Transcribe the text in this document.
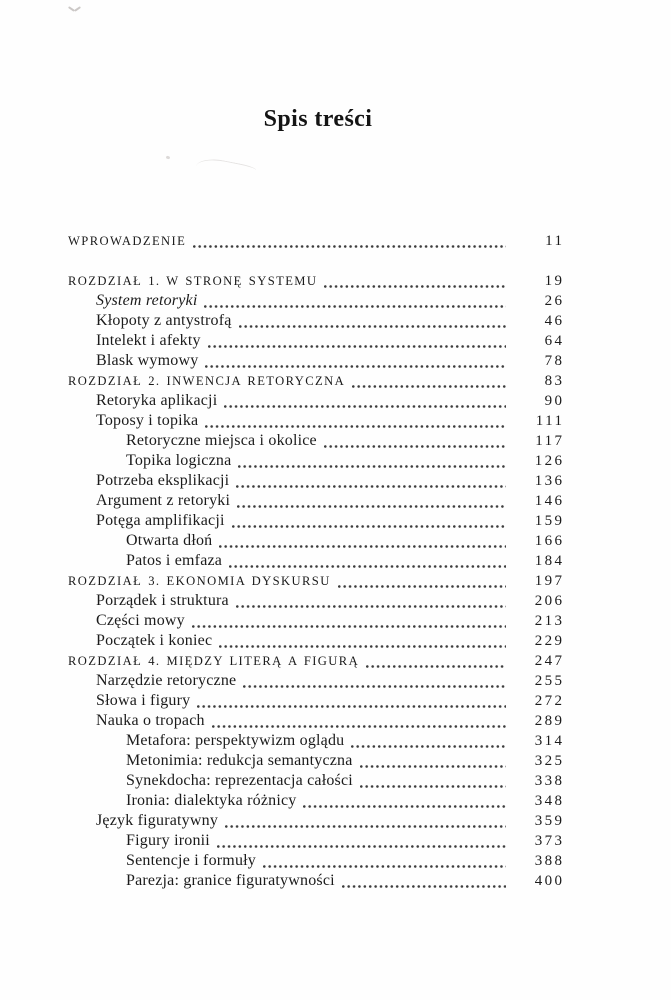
Spis treści
WPROWADZENIE	11
ROZDZIAŁ 1. W STRONĘ SYSTEMU	19
System retoryki	26
Kłopoty z antystrofą	46
Intelekt i afekty	64
Blask wymowy	78
ROZDZIAŁ 2. INWENCJA RETORYCZNA	83
Retoryka aplikacji	90
Toposy i topika	111
Retoryczne miejsca i okolice	117
Topika logiczna	126
Potrzeba eksplikacji	136
Argument z retoryki	146
Potęga amplifikacji	159
Otwarta dłoń	166
Patos i emfaza	184
ROZDZIAŁ 3. EKONOMIA DYSKURSU	197
Porządek i struktura	206
Części mowy	213
Początek i koniec	229
ROZDZIAŁ 4. MIĘDZY LITERĄ A FIGURĄ	247
Narzędzie retoryczne	255
Słowa i figury	272
Nauka o tropach	289
Metafora: perspektywizm oglądu	314
Metonimia: redukcja semantyczna	325
Synekdocha: reprezentacja całości	338
Ironia: dialektyka różnicy	348
Język figuratywny	359
Figury ironii	373
Sentencje i formuły	388
Parezja: granice figuratywności	400
